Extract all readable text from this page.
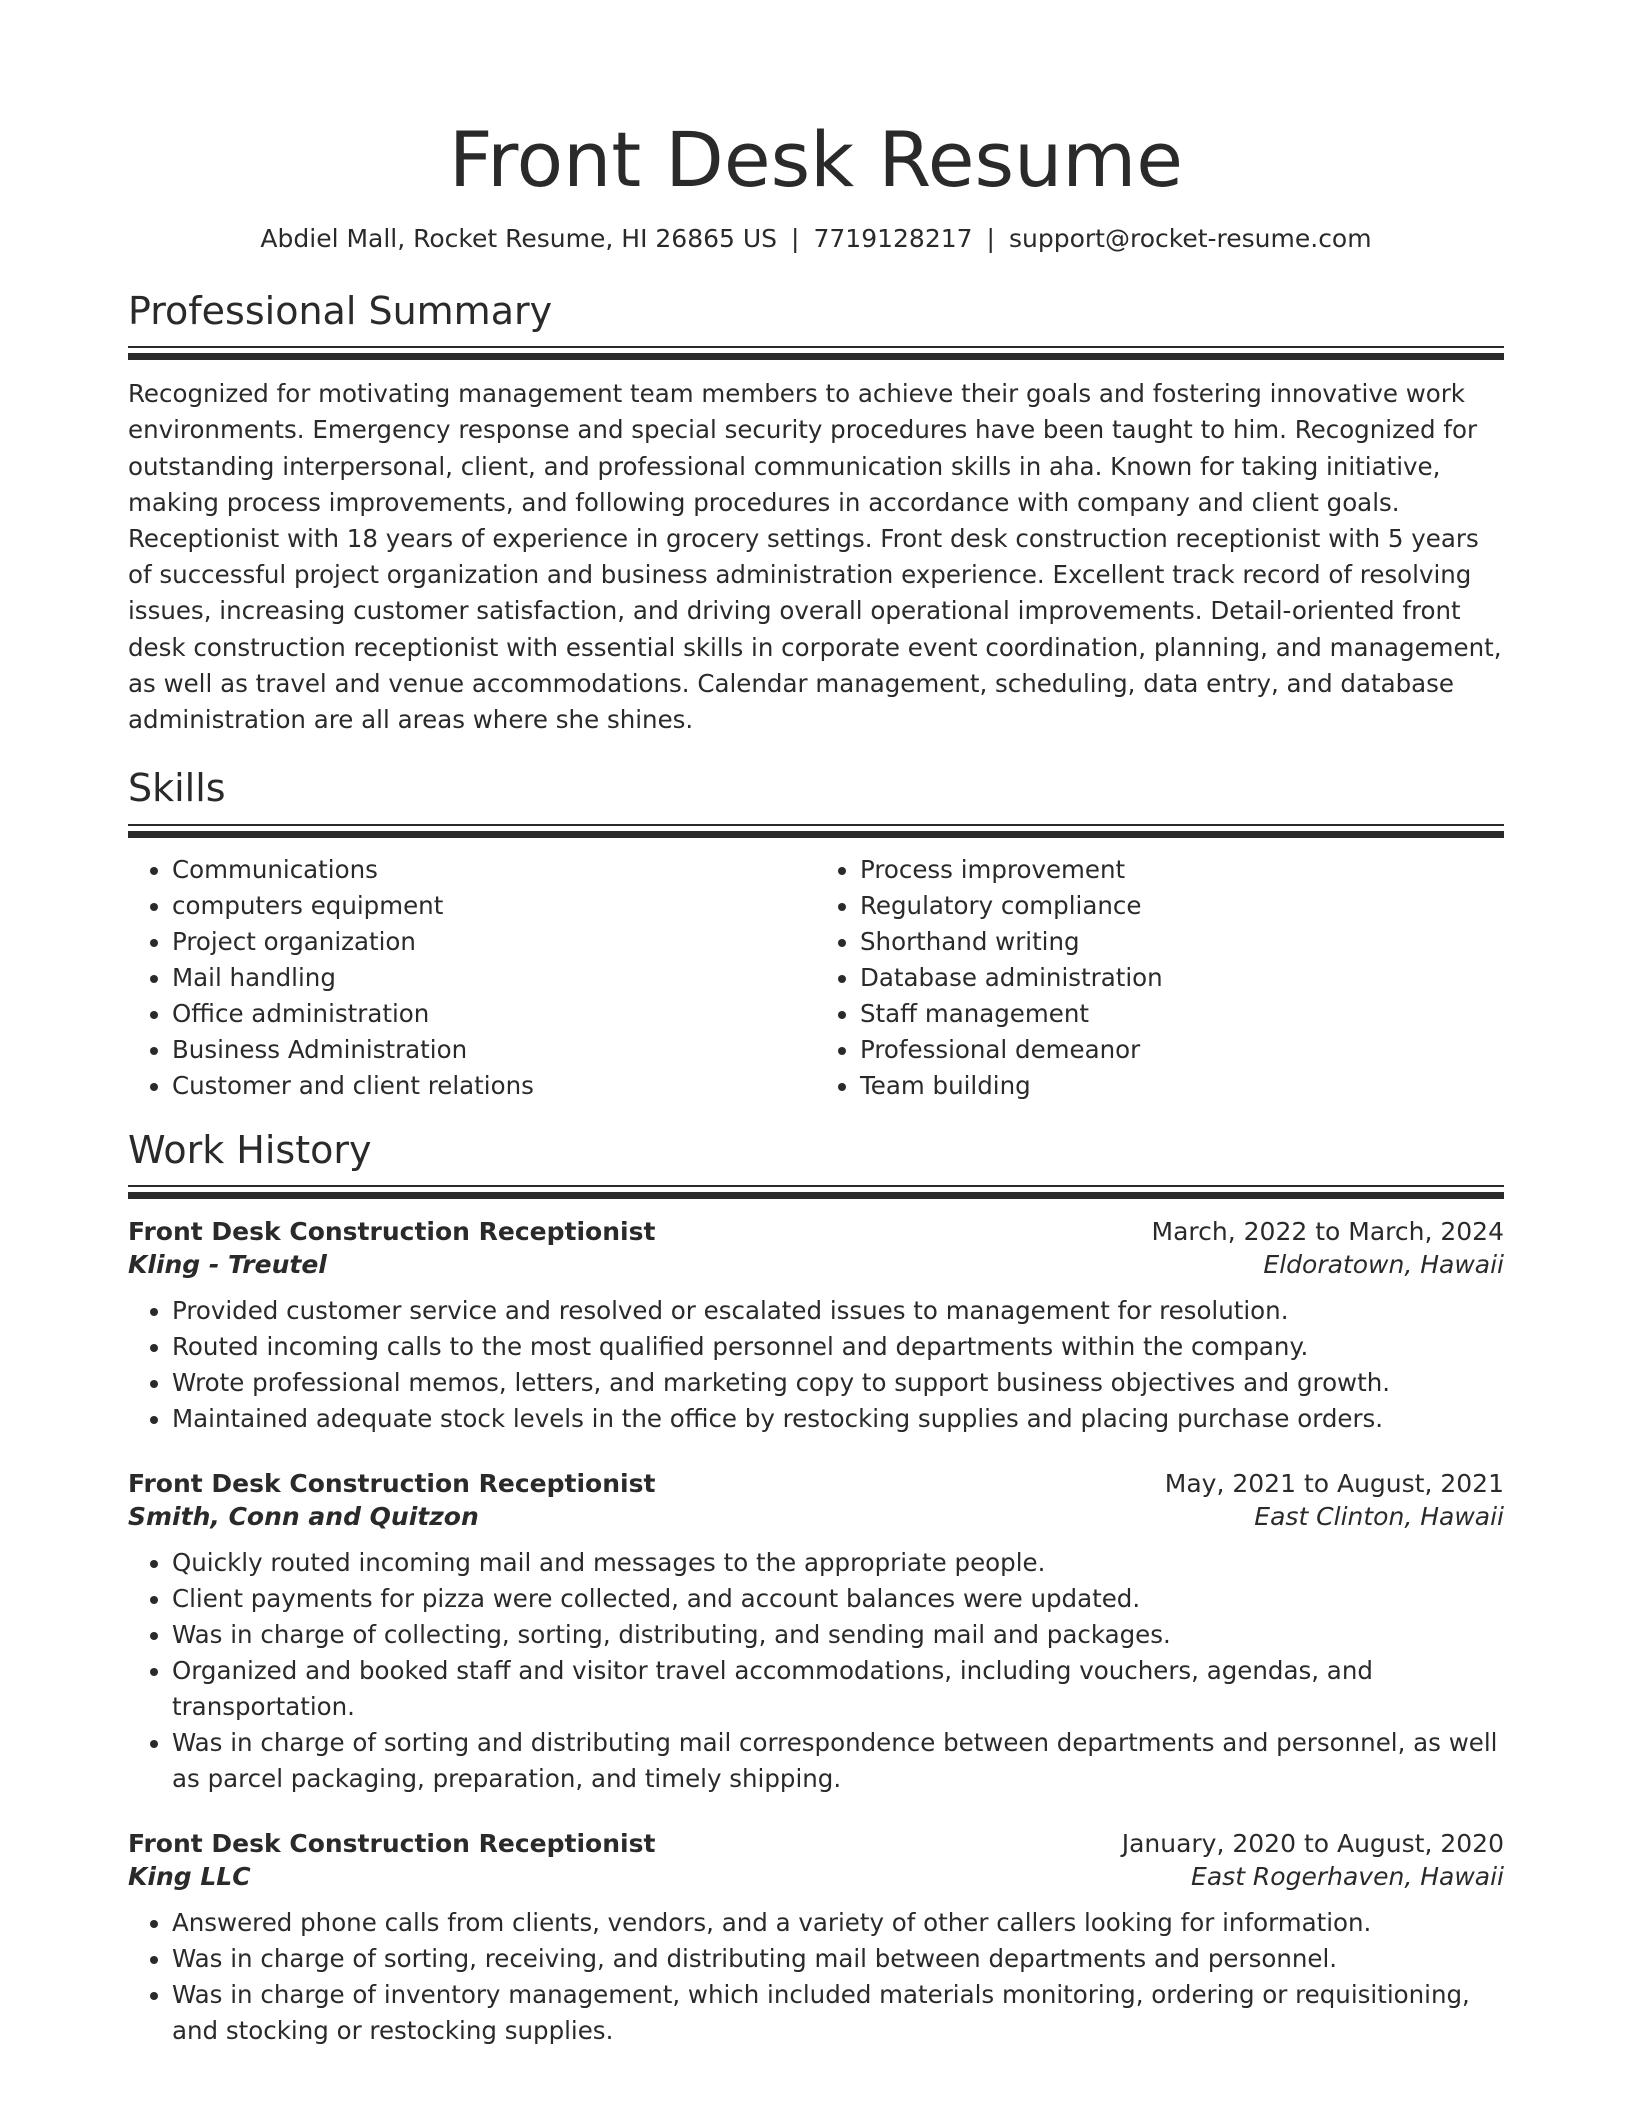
Front Desk Resume
Abdiel Mall, Rocket Resume, HI 26865 US | 7719128217 | support@rocket-resume.com
Professional Summary
Recognized for motivating management team members to achieve their goals and fostering innovative work environments. Emergency response and special security procedures have been taught to him. Recognized for outstanding interpersonal, client, and professional communication skills in aha. Known for taking initiative, making process improvements, and following procedures in accordance with company and client goals. Receptionist with 18 years of experience in grocery settings. Front desk construction receptionist with 5 years of successful project organization and business administration experience. Excellent track record of resolving issues, increasing customer satisfaction, and driving overall operational improvements. Detail-oriented front desk construction receptionist with essential skills in corporate event coordination, planning, and management, as well as travel and venue accommodations. Calendar management, scheduling, data entry, and database administration are all areas where she shines.
Skills
• Communications
• computers equipment
• Project organization
• Mail handling
• Office administration
• Business Administration
• Customer and client relations
• Process improvement
• Regulatory compliance
• Shorthand writing
• Database administration
• Staff management
• Professional demeanor
• Team building
Work History
Front Desk Construction Receptionist	March, 2022 to March, 2024
Kling - Treutel	Eldoratown, Hawaii
• Provided customer service and resolved or escalated issues to management for resolution.
• Routed incoming calls to the most qualified personnel and departments within the company.
• Wrote professional memos, letters, and marketing copy to support business objectives and growth.
• Maintained adequate stock levels in the office by restocking supplies and placing purchase orders.
Front Desk Construction Receptionist	May, 2021 to August, 2021
Smith, Conn and Quitzon	East Clinton, Hawaii
• Quickly routed incoming mail and messages to the appropriate people.
• Client payments for pizza were collected, and account balances were updated.
• Was in charge of collecting, sorting, distributing, and sending mail and packages.
• Organized and booked staff and visitor travel accommodations, including vouchers, agendas, and transportation.
• Was in charge of sorting and distributing mail correspondence between departments and personnel, as well as parcel packaging, preparation, and timely shipping.
Front Desk Construction Receptionist	January, 2020 to August, 2020
King LLC	East Rogerhaven, Hawaii
• Answered phone calls from clients, vendors, and a variety of other callers looking for information.
• Was in charge of sorting, receiving, and distributing mail between departments and personnel.
• Was in charge of inventory management, which included materials monitoring, ordering or requisitioning, and stocking or restocking supplies.
